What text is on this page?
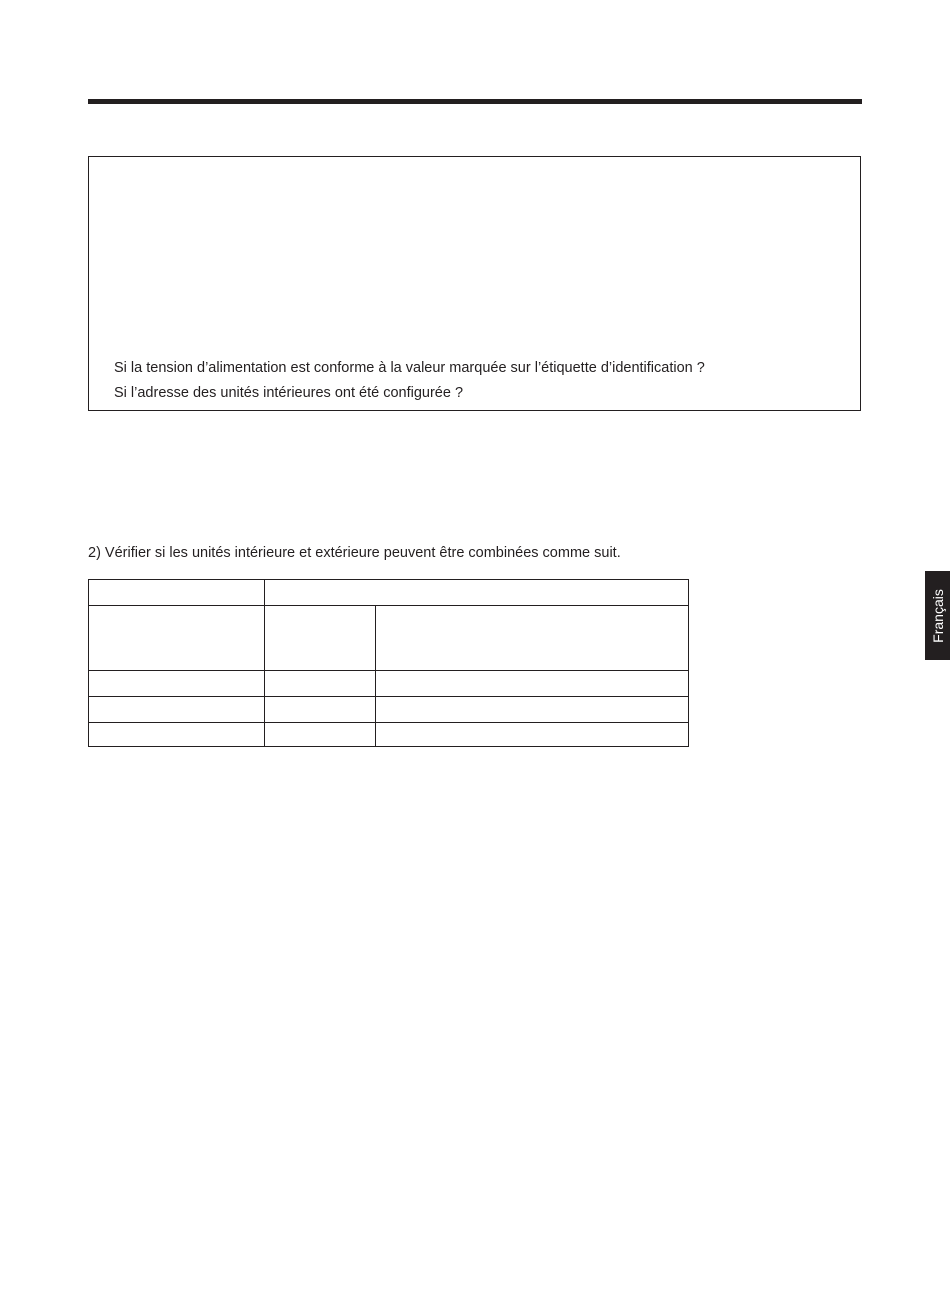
Si la tension d’alimentation est conforme à la valeur marquée sur l’étiquette d’identification ?
Si l’adresse des unités intérieures ont été configurée ?
2) Vérifier si les unités intérieure et extérieure peuvent être combinées comme suit.
Français
